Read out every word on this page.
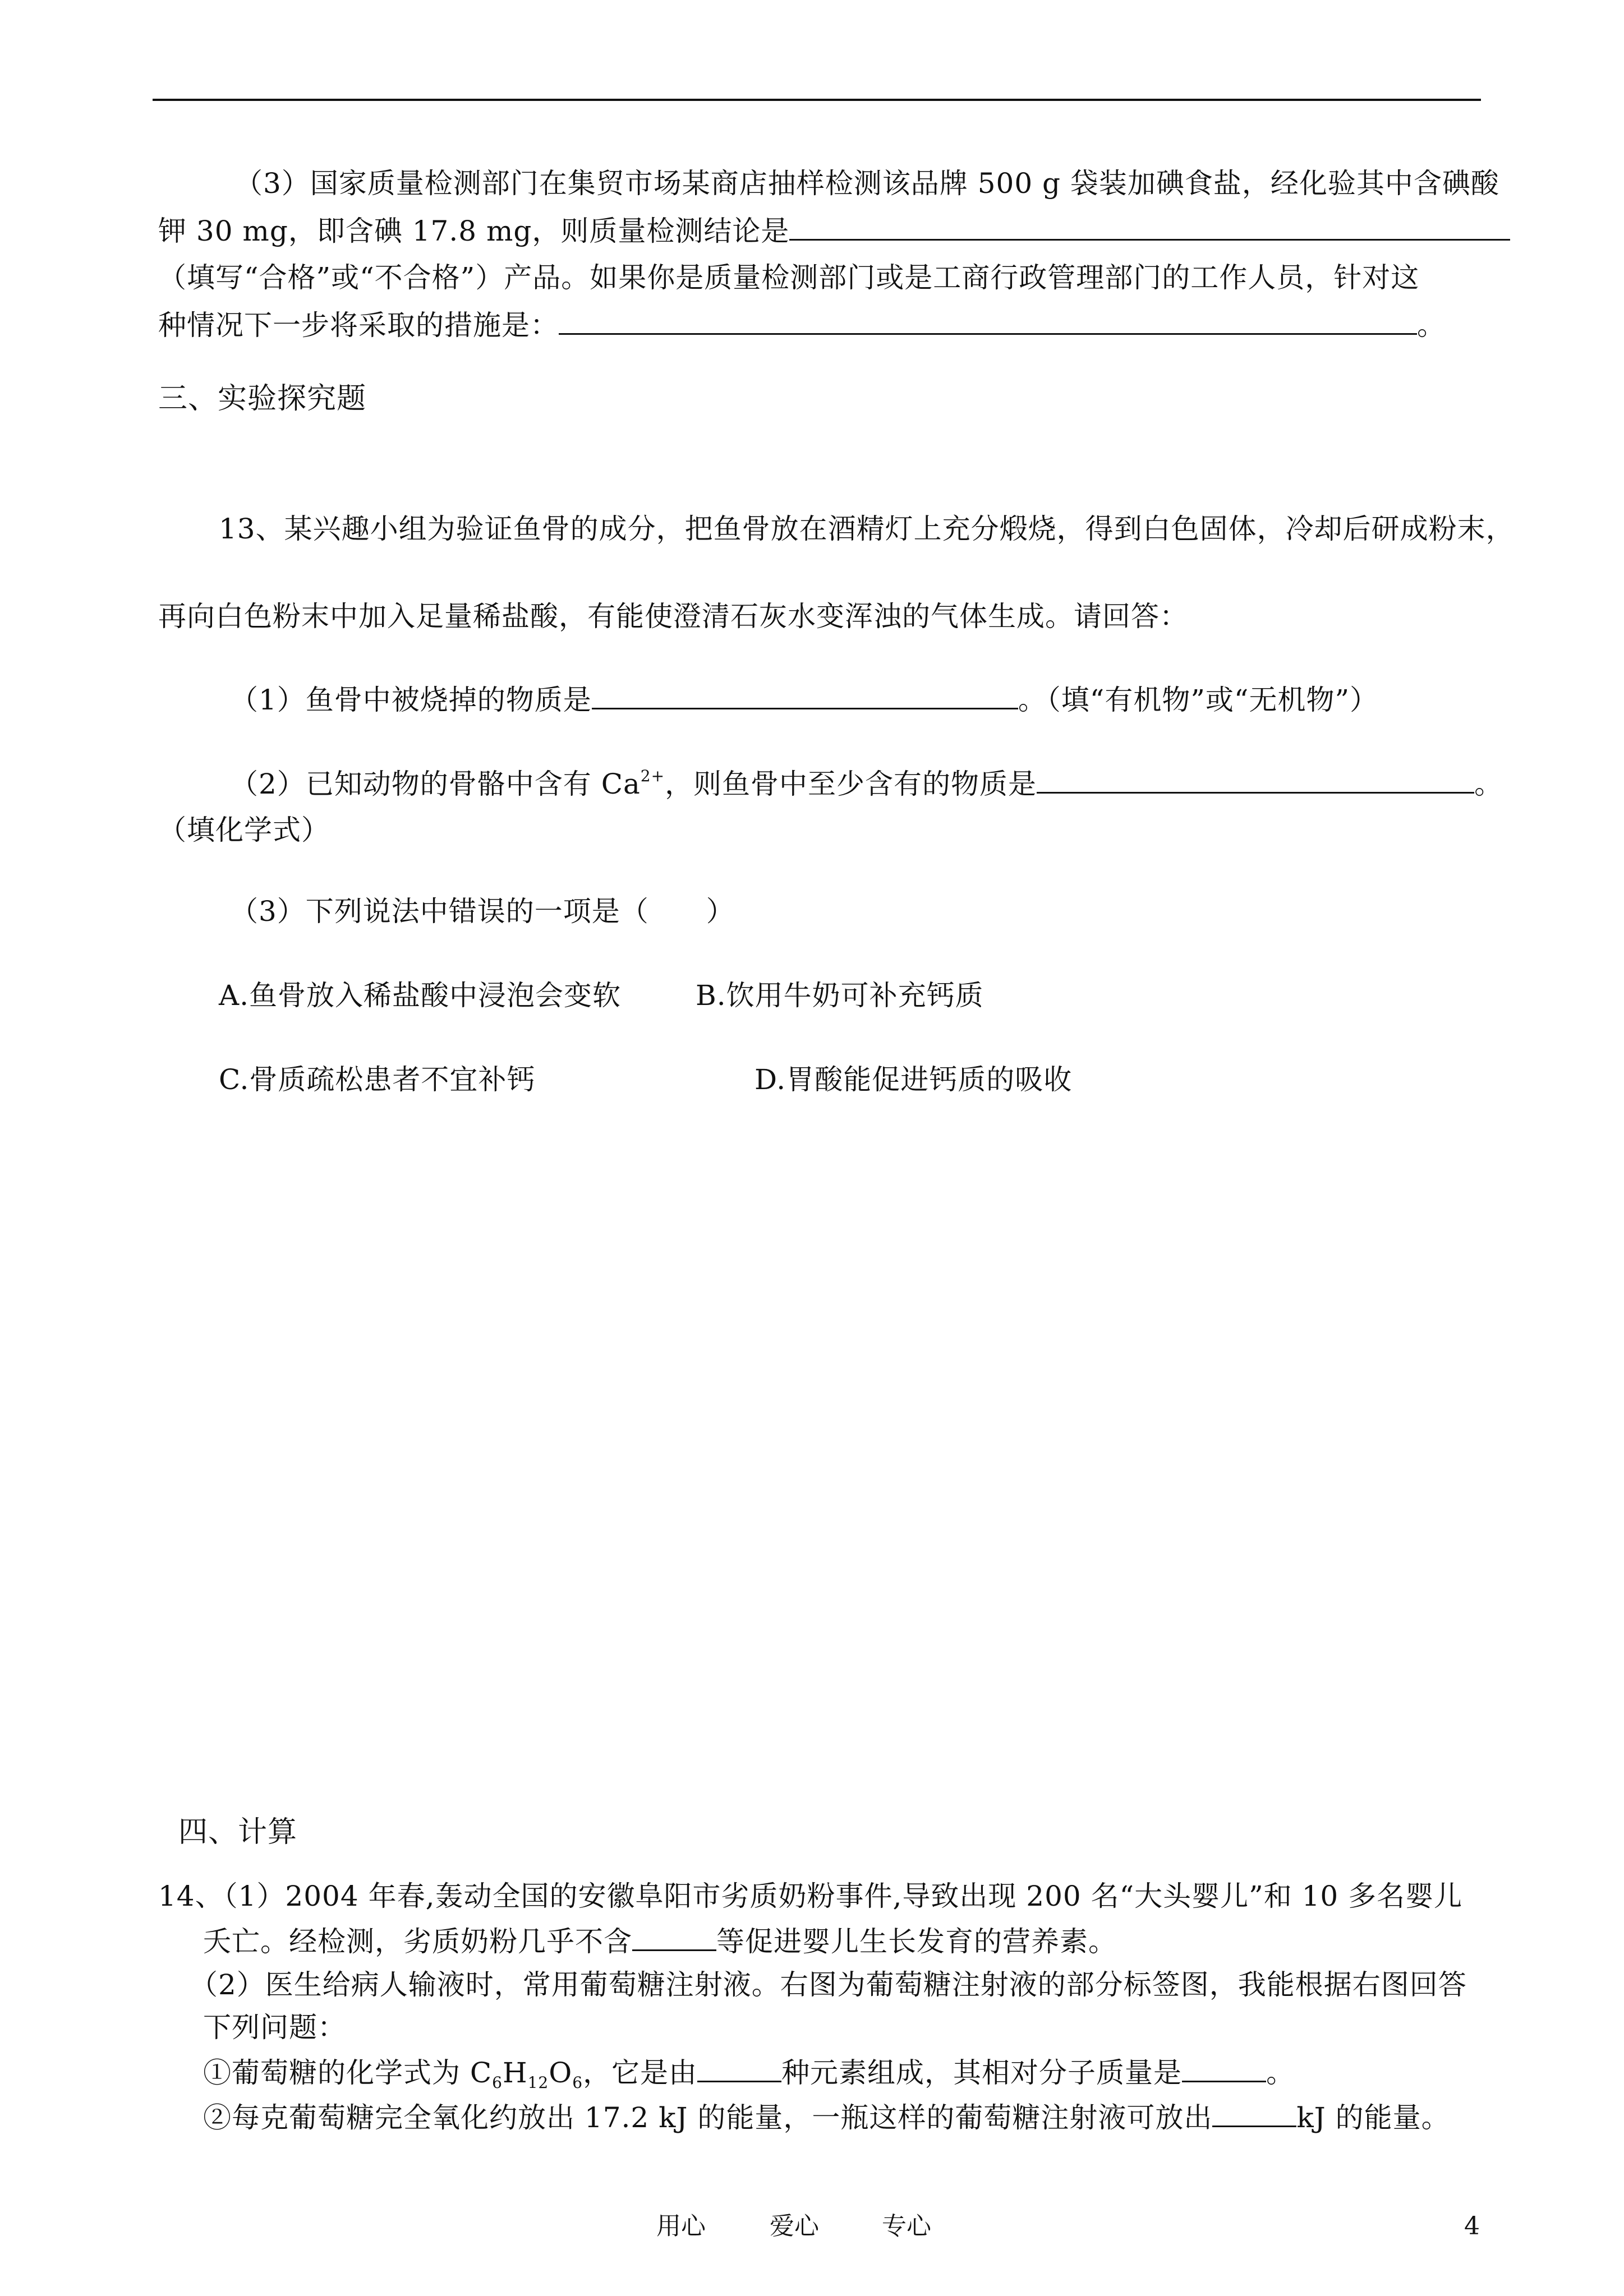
（3）国家质量检测部门在集贸市场某商店抽样检测该品牌 500 g 袋装加碘食盐，经化验其中含碘酸
钾 30 mg，即含碘 17.8 mg，则质量检测结论是
（填写“合格”或“不合格”）产品。如果你是质量检测部门或是工商行政管理部门的工作人员，针对这
种情况下一步将采取的措施是：	。
三、实验探究题
13、某兴趣小组为验证鱼骨的成分，把鱼骨放在酒精灯上充分煅烧，得到白色固体，冷却后研成粉末，
再向白色粉末中加入足量稀盐酸，有能使澄清石灰水变浑浊的气体生成。请回答：
（1）鱼骨中被烧掉的物质是	。（填“有机物”或“无机物”）
（2）已知动物的骨骼中含有 $Ca^{2+}$，则鱼骨中至少含有的物质是	。
（填化学式）
（3）下列说法中错误的一项是（　　）
A.鱼骨放入稀盐酸中浸泡会变软	B.饮用牛奶可补充钙质
C.骨质疏松患者不宜补钙	D.胃酸能促进钙质的吸收
四、计算
14、（1）2004 年春,轰动全国的安徽阜阳市劣质奶粉事件,导致出现 200 名“大头婴儿”和 10 多名婴儿
夭亡。经检测，劣质奶粉几乎不含	等促进婴儿生长发育的营养素。
（2）医生给病人输液时，常用葡萄糖注射液。右图为葡萄糖注射液的部分标签图，我能根据右图回答
下列问题：
①葡萄糖的化学式为 $C_6H_{12}O_6$，它是由	种元素组成，其相对分子质量是	。
②每克葡萄糖完全氧化约放出 17.2 kJ 的能量，一瓶这样的葡萄糖注射液可放出	kJ 的能量。
用心	爱心	专心	4
